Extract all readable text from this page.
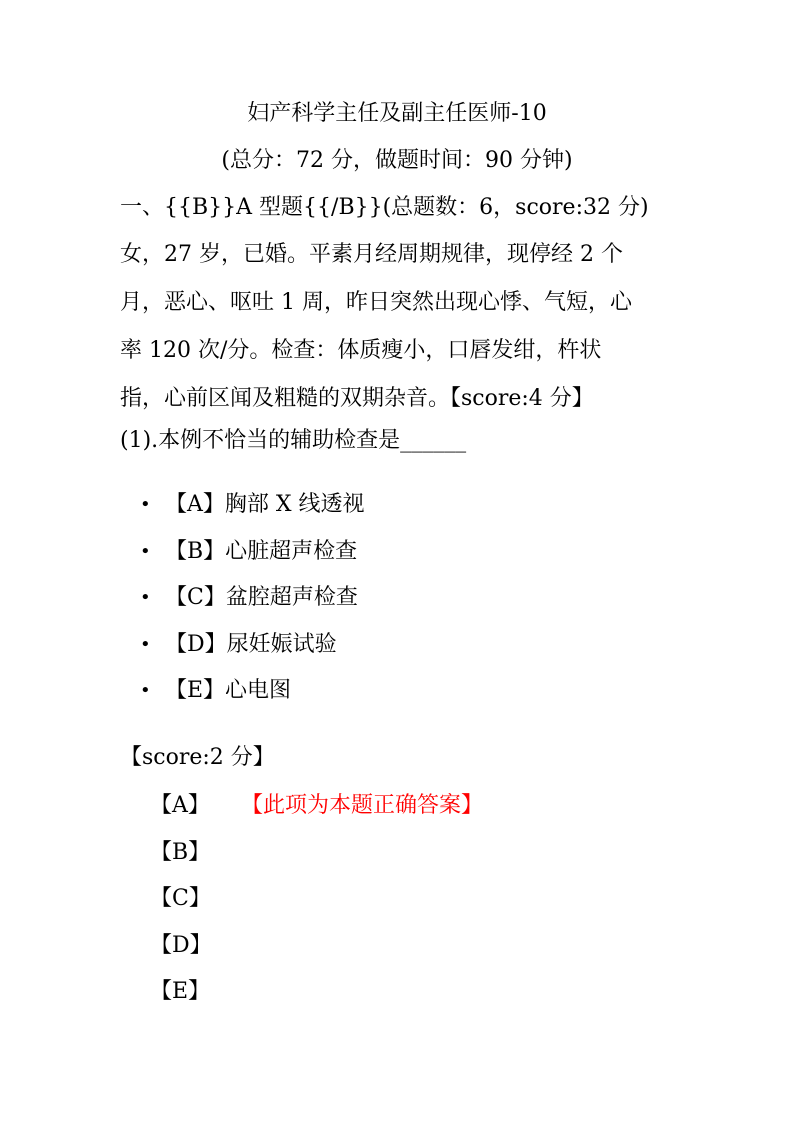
妇产科学主任及副主任医师-10
(总分：72 分，做题时间：90 分钟)
一、{{B}}A 型题{{/B}}(总题数：6，score:32 分)
女，27 岁，已婚。平素月经周期规律，现停经 2 个
月，恶心、呕吐 1 周，昨日突然出现心悸、气短，心
率 120 次/分。检查：体质瘦小，口唇发绀，杵状
指，心前区闻及粗糙的双期杂音。【score:4 分】
(1).本例不恰当的辅助检查是______
• 【A】胸部 X 线透视
• 【B】心脏超声检查
• 【C】盆腔超声检查
• 【D】尿妊娠试验
• 【E】心电图
【score:2 分】
【A】 【此项为本题正确答案】
【B】
【C】
【D】
【E】
